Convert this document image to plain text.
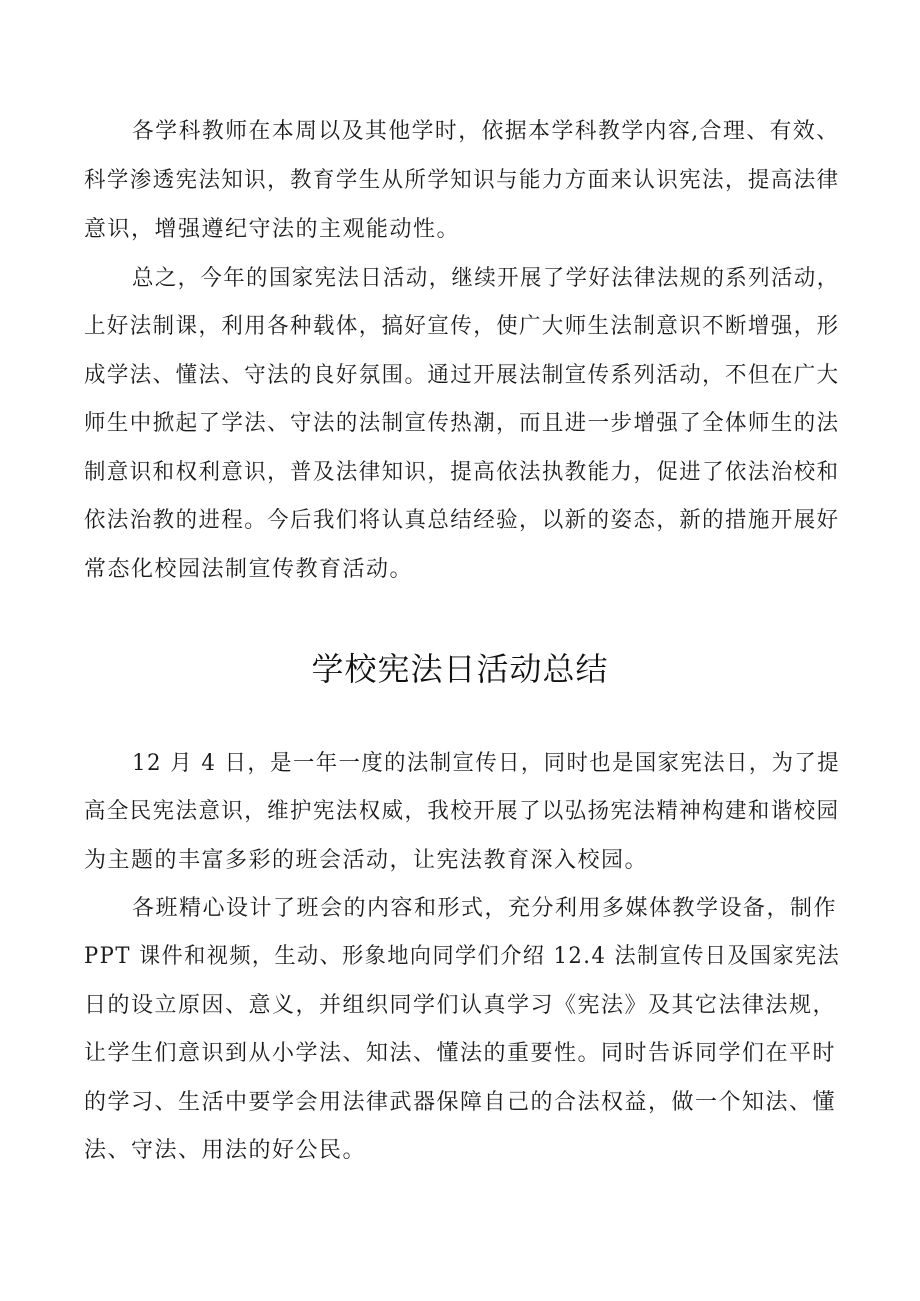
各学科教师在本周以及其他学时，依据本学科教学内容,合理、有效、
科学渗透宪法知识，教育学生从所学知识与能力方面来认识宪法，提高法律
意识，增强遵纪守法的主观能动性。
总之，今年的国家宪法日活动，继续开展了学好法律法规的系列活动，
上好法制课，利用各种载体，搞好宣传，使广大师生法制意识不断增强，形
成学法、懂法、守法的良好氛围。通过开展法制宣传系列活动，不但在广大
师生中掀起了学法、守法的法制宣传热潮，而且进一步增强了全体师生的法
制意识和权利意识，普及法律知识，提高依法执教能力，促进了依法治校和
依法治教的进程。今后我们将认真总结经验，以新的姿态，新的措施开展好
常态化校园法制宣传教育活动。
学校宪法日活动总结
12 月 4 日，是一年一度的法制宣传日，同时也是国家宪法日，为了提
高全民宪法意识，维护宪法权威，我校开展了以弘扬宪法精神构建和谐校园
为主题的丰富多彩的班会活动，让宪法教育深入校园。
各班精心设计了班会的内容和形式，充分利用多媒体教学设备，制作
PPT 课件和视频，生动、形象地向同学们介绍 12.4 法制宣传日及国家宪法
日的设立原因、意义，并组织同学们认真学习《宪法》及其它法律法规，
让学生们意识到从小学法、知法、懂法的重要性。同时告诉同学们在平时
的学习、生活中要学会用法律武器保障自己的合法权益，做一个知法、懂
法、守法、用法的好公民。
